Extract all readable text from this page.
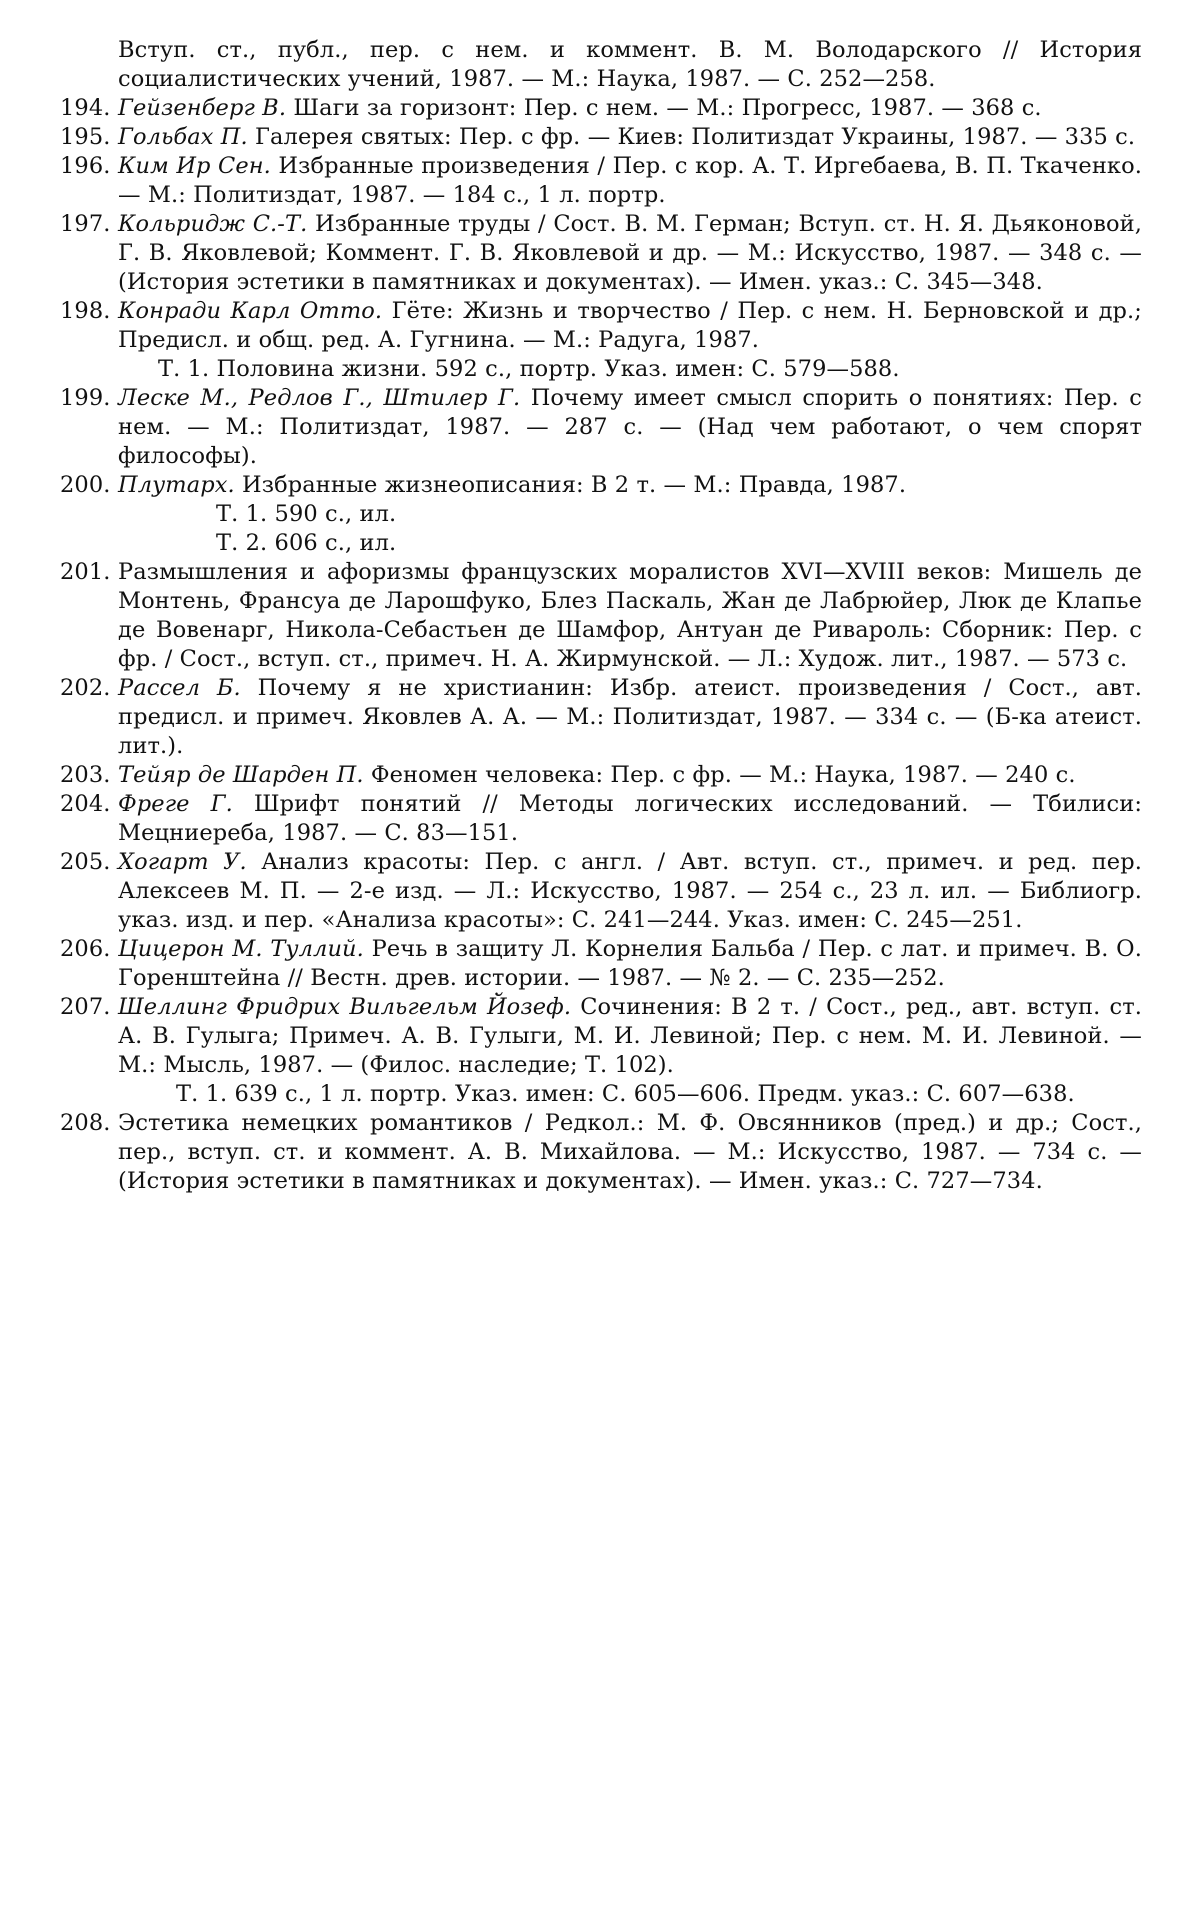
Вступ. ст., публ., пер. с нем. и коммент. В. М. Володарского // История социалистических учений, 1987. — М.: Наука, 1987. — С. 252—258.

194. Гейзенберг В. Шаги за горизонт: Пер. с нем. — М.: Прогресс, 1987. — 368 с.

195. Гольбах П. Галерея святых: Пер. с фр. — Киев: Политиздат Украины, 1987. — 335 с.

196. Ким Ир Сен. Избранные произведения / Пер. с кор. А. Т. Иргебаева, В. П. Ткаченко. — М.: Политиздат, 1987. — 184 с., 1 л. портр.

197. Кольридж С.-Т. Избранные труды / Сост. В. М. Герман; Вступ. ст. Н. Я. Дьяконовой, Г. В. Яковлевой; Коммент. Г. В. Яковлевой и др. — М.: Искусство, 1987. — 348 с. — (История эстетики в памятниках и документах). — Имен. указ.: С. 345—348.

198. Конради Карл Отто. Гёте: Жизнь и творчество / Пер. с нем. Н. Берновской и др.; Предисл. и общ. ред. А. Гугнина. — М.: Радуга, 1987.

Т. 1. Половина жизни. 592 с., портр. Указ. имен: С. 579—588.

199. Леске М., Редлов Г., Штилер Г. Почему имеет смысл спорить о понятиях: Пер. с нем. — М.: Политиздат, 1987. — 287 с. — (Над чем работают, о чем спорят философы).

200. Плутарх. Избранные жизнеописания: В 2 т. — М.: Правда, 1987.

Т. 1. 590 с., ил.

Т. 2. 606 с., ил.

201. Размышления и афоризмы французских моралистов XVI—XVIII веков: Мишель де Монтень, Франсуа де Ларошфуко, Блез Паскаль, Жан де Лабрюйер, Люк де Клапье де Вовенарг, Никола-Себастьен де Шамфор, Антуан де Ривароль: Сборник: Пер. с фр. / Сост., вступ. ст., примеч. Н. А. Жирмунской. — Л.: Худож. лит., 1987. — 573 с.

202. Рассел Б. Почему я не христианин: Избр. атеист. произведения / Сост., авт. предисл. и примеч. Яковлев А. А. — М.: Политиздат, 1987. — 334 с. — (Б-ка атеист. лит.).

203. Тейяр де Шарден П. Феномен человека: Пер. с фр. — М.: Наука, 1987. — 240 с.

204. Фреге Г. Шрифт понятий // Методы логических исследований. — Тбилиси: Мецниереба, 1987. — С. 83—151.

205. Хогарт У. Анализ красоты: Пер. с англ. / Авт. вступ. ст., примеч. и ред. пер. Алексеев М. П. — 2-е изд. — Л.: Искусство, 1987. — 254 с., 23 л. ил. — Библиогр. указ. изд. и пер. «Анализа красоты»: С. 241—244. Указ. имен: С. 245—251.

206. Цицерон М. Туллий. Речь в защиту Л. Корнелия Бальба / Пер. с лат. и примеч. В. О. Горенштейна // Вестн. древ. истории. — 1987. — № 2. — С. 235—252.

207. Шеллинг Фридрих Вильгельм Йозеф. Сочинения: В 2 т. / Сост., ред., авт. вступ. ст. А. В. Гулыга; Примеч. А. В. Гулыги, М. И. Левиной; Пер. с нем. М. И. Левиной. — М.: Мысль, 1987. — (Филос. наследие; Т. 102).

Т. 1. 639 с., 1 л. портр. Указ. имен: С. 605—606. Предм. указ.: С. 607—638.

208. Эстетика немецких романтиков / Редкол.: М. Ф. Овсянников (пред.) и др.; Сост., пер., вступ. ст. и коммент. А. В. Михайлова. — М.: Искусство, 1987. — 734 с. — (История эстетики в памятниках и документах). — Имен. указ.: С. 727—734.
